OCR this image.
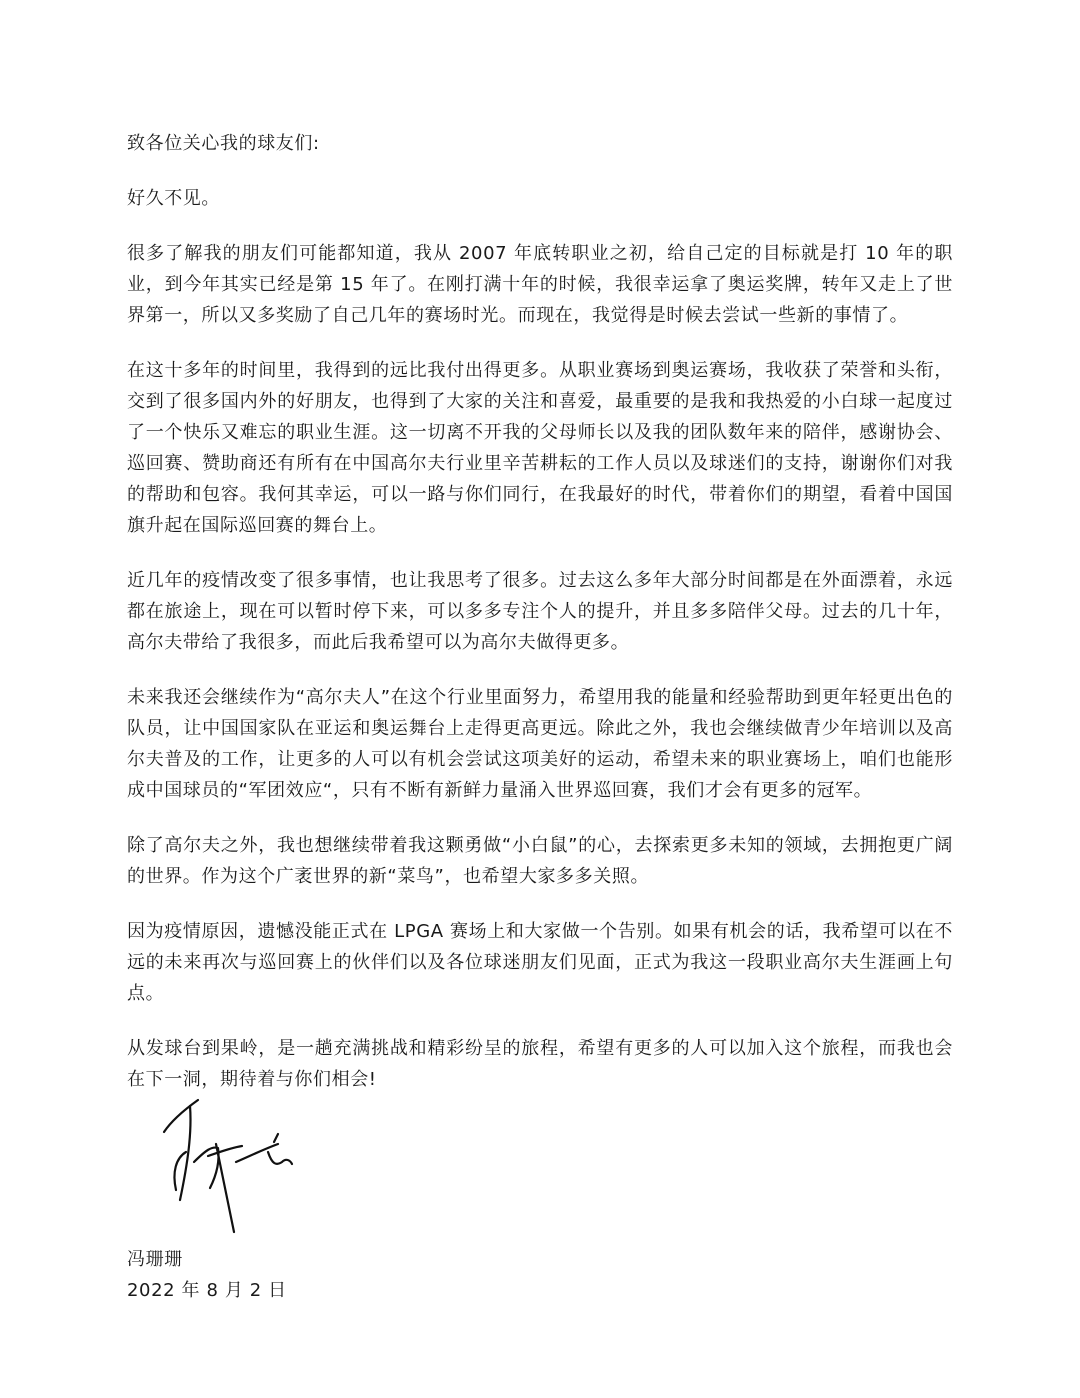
致各位关心我的球友们:

好久不见。

很多了解我的朋友们可能都知道，我从 2007 年底转职业之初，给自己定的目标就是打 10 年的职业，到今年其实已经是第 15 年了。在刚打满十年的时候，我很幸运拿了奥运奖牌，转年又走上了世界第一，所以又多奖励了自己几年的赛场时光。而现在，我觉得是时候去尝试一些新的事情了。

在这十多年的时间里，我得到的远比我付出得更多。从职业赛场到奥运赛场，我收获了荣誉和头衔，交到了很多国内外的好朋友，也得到了大家的关注和喜爱，最重要的是我和我热爱的小白球一起度过了一个快乐又难忘的职业生涯。这一切离不开我的父母师长以及我的团队数年来的陪伴，感谢协会、巡回赛、赞助商还有所有在中国高尔夫行业里辛苦耕耘的工作人员以及球迷们的支持，谢谢你们对我的帮助和包容。我何其幸运，可以一路与你们同行，在我最好的时代，带着你们的期望，看着中国国旗升起在国际巡回赛的舞台上。

近几年的疫情改变了很多事情，也让我思考了很多。过去这么多年大部分时间都是在外面漂着，永远都在旅途上，现在可以暂时停下来，可以多多专注个人的提升，并且多多陪伴父母。过去的几十年，高尔夫带给了我很多，而此后我希望可以为高尔夫做得更多。

未来我还会继续作为“高尔夫人”在这个行业里面努力，希望用我的能量和经验帮助到更年轻更出色的队员，让中国国家队在亚运和奥运舞台上走得更高更远。除此之外，我也会继续做青少年培训以及高尔夫普及的工作，让更多的人可以有机会尝试这项美好的运动，希望未来的职业赛场上，咱们也能形成中国球员的“军团效应“，只有不断有新鲜力量涌入世界巡回赛，我们才会有更多的冠军。

除了高尔夫之外，我也想继续带着我这颗勇做“小白鼠”的心，去探索更多未知的领域，去拥抱更广阔的世界。作为这个广袤世界的新“菜鸟”，也希望大家多多关照。

因为疫情原因，遗憾没能正式在 LPGA 赛场上和大家做一个告别。如果有机会的话，我希望可以在不远的未来再次与巡回赛上的伙伴们以及各位球迷朋友们见面，正式为我这一段职业高尔夫生涯画上句点。

从发球台到果岭，是一趟充满挑战和精彩纷呈的旅程，希望有更多的人可以加入这个旅程，而我也会在下一洞，期待着与你们相会!

冯珊珊
2022 年 8 月 2 日
